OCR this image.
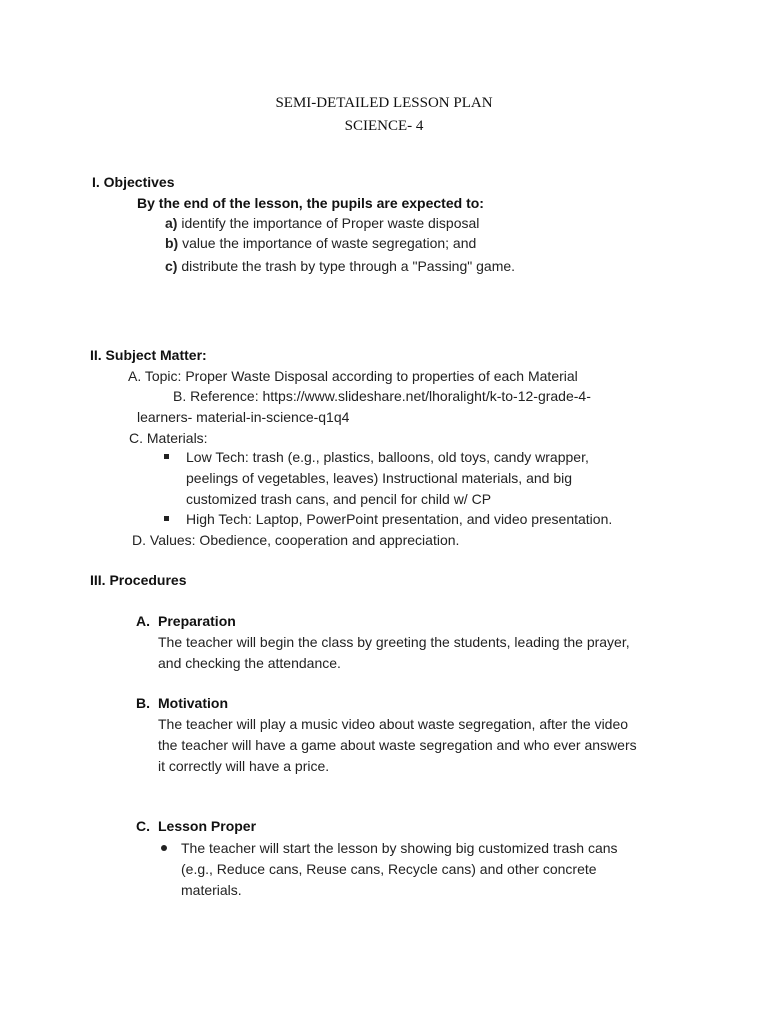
SEMI-DETAILED LESSON PLAN
SCIENCE- 4
I. Objectives
By the end of the lesson, the pupils are expected to:
a) identify the importance of Proper waste disposal
b) value the importance of waste segregation; and
c) distribute the trash by type through a "Passing" game.
II. Subject Matter:
A. Topic: Proper Waste Disposal according to properties of each Material
B. Reference: https://www.slideshare.net/lhoralight/k-to-12-grade-4-
learners- material-in-science-q1q4
C. Materials:
Low Tech: trash (e.g., plastics, balloons, old toys, candy wrapper,
peelings of vegetables, leaves) Instructional materials, and big
customized trash cans, and pencil for child w/ CP
High Tech: Laptop, PowerPoint presentation, and video presentation.
D. Values: Obedience, cooperation and appreciation.
III. Procedures
A. Preparation
The teacher will begin the class by greeting the students, leading the prayer,
and checking the attendance.
B. Motivation
The teacher will play a music video about waste segregation, after the video
the teacher will have a game about waste segregation and who ever answers
it correctly will have a price.
C. Lesson Proper
The teacher will start the lesson by showing big customized trash cans
(e.g., Reduce cans, Reuse cans, Recycle cans) and other concrete
materials.
